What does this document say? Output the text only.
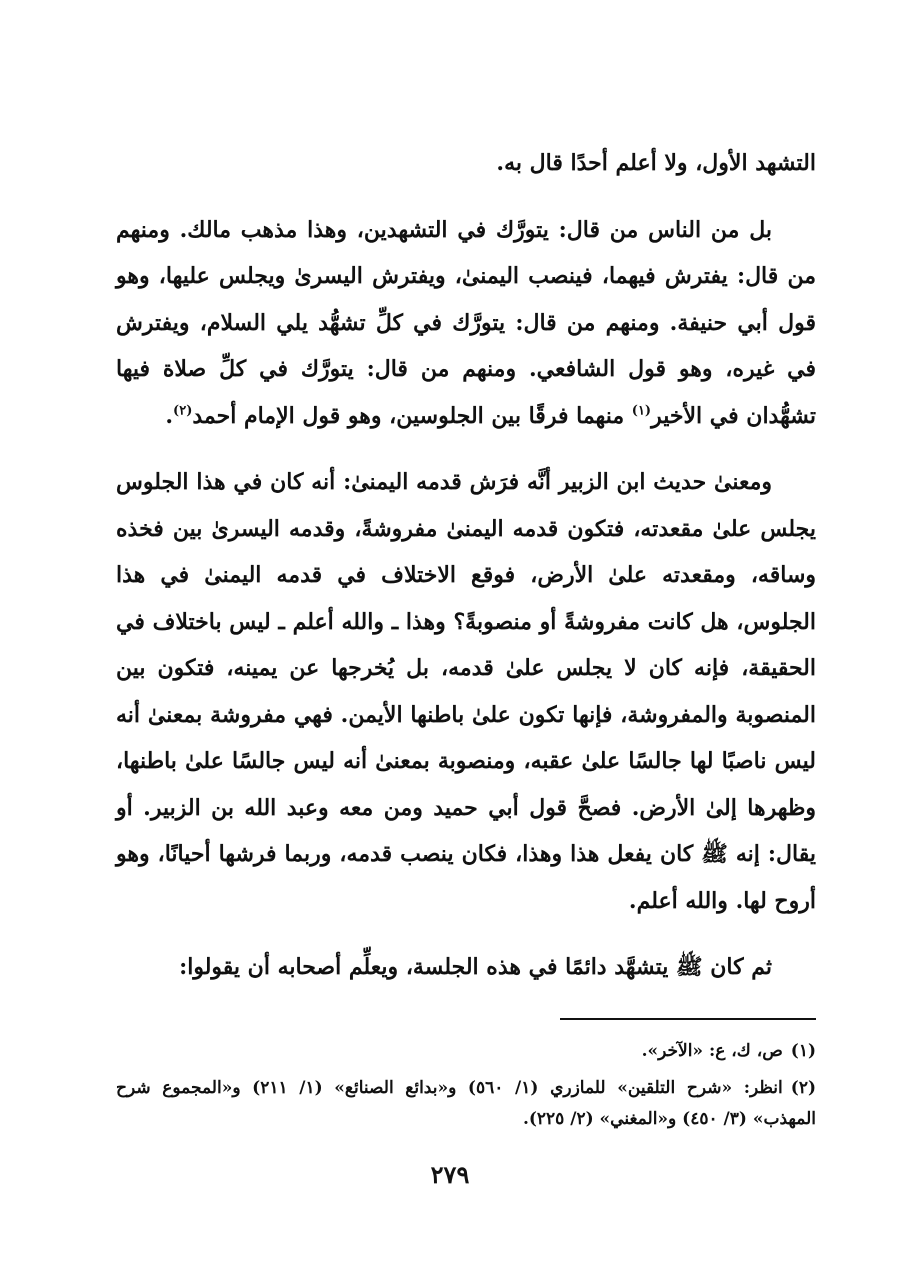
التشهد الأول، ولا أعلم أحدًا قال به.

بل من الناس من قال: يتورَّك في التشهدين، وهذا مذهب مالك. ومنهم من قال: يفترش فيهما، فينصب اليمنىٰ، ويفترش اليسرىٰ ويجلس عليها، وهو قول أبي حنيفة. ومنهم من قال: يتورَّك في كلِّ تشهُّد يلي السلام، ويفترش في غيره، وهو قول الشافعي. ومنهم من قال: يتورَّك في كلِّ صلاة فيها تشهُّدان في الأخير$^{(١)}$ منهما فرقًا بين الجلوسين، وهو قول الإمام أحمد$^{(٢)}$.

ومعنىٰ حديث ابن الزبير أنَّه فرَش قدمه اليمنىٰ: أنه كان في هذا الجلوس يجلس علىٰ مقعدته، فتكون قدمه اليمنىٰ مفروشةً، وقدمه اليسرىٰ بين فخذه وساقه، ومقعدته علىٰ الأرض، فوقع الاختلاف في قدمه اليمنىٰ في هذا الجلوس، هل كانت مفروشةً أو منصوبةً؟ وهذا ـ والله أعلم ـ ليس باختلاف في الحقيقة، فإنه كان لا يجلس علىٰ قدمه، بل يُخرجها عن يمينه، فتكون بين المنصوبة والمفروشة، فإنها تكون علىٰ باطنها الأيمن. فهي مفروشة بمعنىٰ أنه ليس ناصبًا لها جالسًا علىٰ عقبه، ومنصوبة بمعنىٰ أنه ليس جالسًا علىٰ باطنها، وظهرها إلىٰ الأرض. فصحَّ قول أبي حميد ومن معه وعبد الله بن الزبير. أو يقال: إنه ﷺ كان يفعل هذا وهذا، فكان ينصب قدمه، وربما فرشها أحيانًا، وهو أروح لها. والله أعلم.

ثم كان ﷺ يتشهَّد دائمًا في هذه الجلسة، ويعلِّم أصحابه أن يقولوا:

(١)ص، ك، ع: «الآخر».

(٢)انظر: «شرح التلقين» للمازري (١/ ٥٦٠) و«بدائع الصنائع» (١/ ٢١١) و«المجموع شرح المهذب» (٣/ ٤٥٠) و«المغني» (٢/ ٢٢٥).

٢٧٩
